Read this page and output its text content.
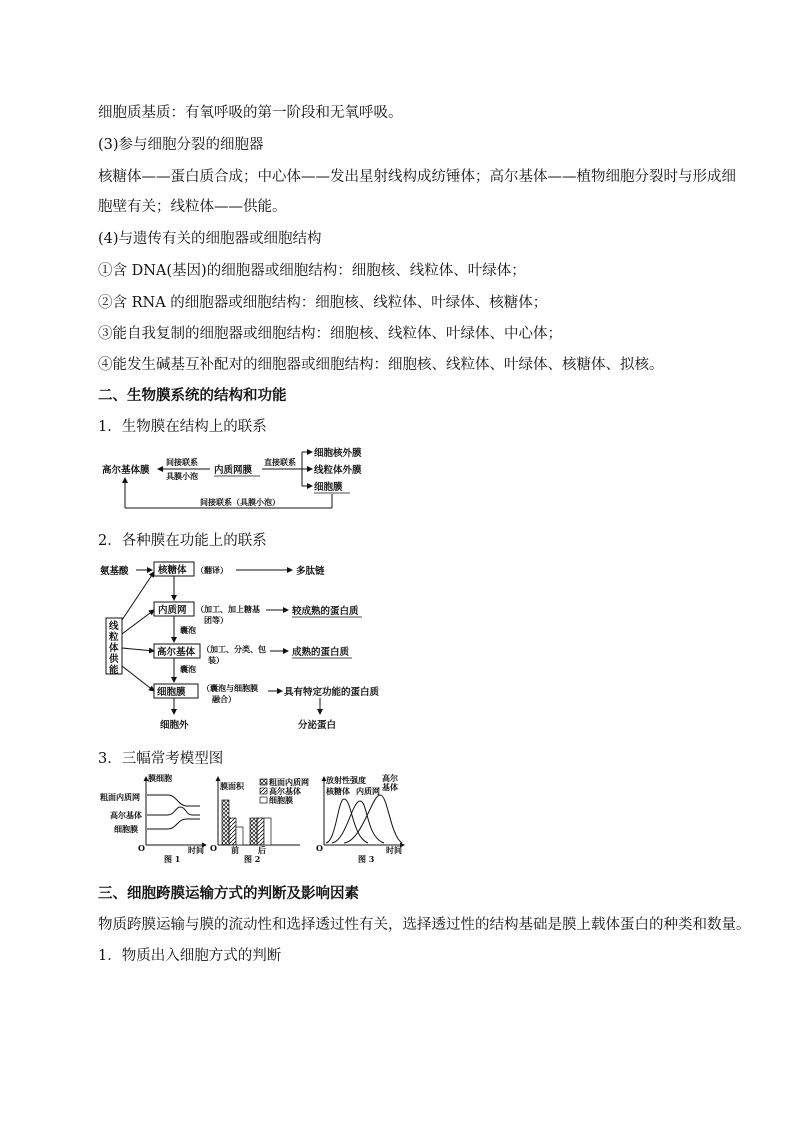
细胞质基质：有氧呼吸的第一阶段和无氧呼吸。
(3)参与细胞分裂的细胞器
核糖体——蛋白质合成；中心体——发出星射线构成纺锤体；高尔基体——植物细胞分裂时与形成细
胞壁有关；线粒体——供能。
(4)与遗传有关的细胞器或细胞结构
①含 DNA(基因)的细胞器或细胞结构：细胞核、线粒体、叶绿体；
②含 RNA 的细胞器或细胞结构：细胞核、线粒体、叶绿体、核糖体；
③能自我复制的细胞器或细胞结构：细胞核、线粒体、叶绿体、中心体；
④能发生碱基互补配对的细胞器或细胞结构：细胞核、线粒体、叶绿体、核糖体、拟核。
二、生物膜系统的结构和功能
1．生物膜在结构上的联系
高尔基体膜
间接联系
具膜小泡 内质网膜
直接联系
细胞核外膜
线粒体外膜
细胞膜
间接联系（具膜小泡）
2．各种膜在功能上的联系
氨基酸	核糖体 （翻译）	多肽链
内质网 （加工、加上糖基
团等）
较成熟的蛋白质
囊泡
高尔基体 （加工、分类、包
装）
成熟的蛋白质
囊泡
细胞膜 （囊泡与细胞膜
融合）
具有特定功能的蛋白质
细胞外	分泌蛋白
线
粒
体
供
能
3．三幅常考模型图
膜细胞
粗面内质网
高尔基体
细胞膜
O	时间
图 1
膜面积	粗面内质网
高尔基体
细胞膜
O 前 后
图 2
放射性强度
核糖体 内质网
高尔
基体
O	时间
图 3
三、细胞跨膜运输方式的判断及影响因素
物质跨膜运输与膜的流动性和选择透过性有关，选择透过性的结构基础是膜上载体蛋白的种类和数量。
1．物质出入细胞方式的判断
